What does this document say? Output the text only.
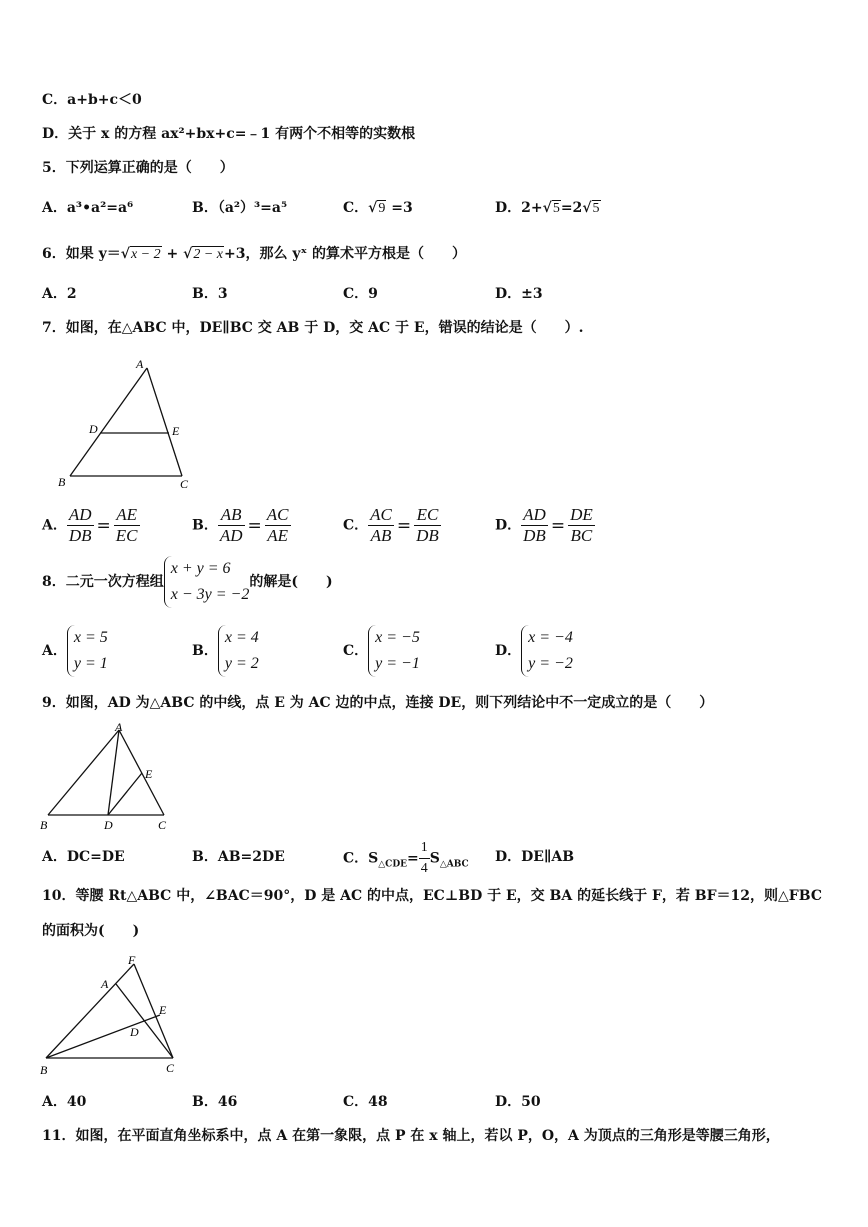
C．a+b+c＜0
D．关于 x 的方程 ax²+bx+c=﹣1 有两个不相等的实数根
5．下列运算正确的是（　　）
A．a³•a²=a⁶	B．（a²）³=a⁵	C．√9 =3	D．2+√5=2√5
6．如果 y＝√x − 2 + √2 − x+3，那么 yˣ 的算术平方根是（　　）
A．2	B．3	C．9	D．±3
7．如图，在△ABC 中，DE∥BC 交 AB 于 D，交 AC 于 E，错误的结论是（　　）.
A
B	C
D	E
A． $\frac{AD}{DB} = \frac{AE}{EC}$	B． $\frac{AB}{AD} = \frac{AC}{AE}$	C． $\frac{AC}{AB} = \frac{EC}{DB}$	D． $\frac{AD}{DB} = \frac{DE}{BC}$
8．二元一次方程组
x + y = 6
x − 3y = −2
的解是(　　)
A．
x = 5
y = 1
B．
x = 4
y = 2
C．
x = −5
y = −1
D．
x = −4
y = −2
9．如图，AD 为△ABC 的中线，点 E 为 AC 边的中点，连接 DE，则下列结论中不一定成立的是（　　）
A
B	C
D
E
A．DC=DE	B．AB=2DE	C．$S_{\triangle CDE}= \frac{1}{4} S_{\triangle ABC}$ D．DE∥AB
10．等腰 Rt△ABC 中，∠BAC＝90°，D 是 AC 的中点，EC⊥BD 于 E，交 BA 的延长线于 F，若 BF＝12，则△FBC
的面积为(　　)
F
A
E
D
B	C
A．40	B．46	C．48	D．50
11．如图，在平面直角坐标系中，点 A 在第一象限，点 P 在 x 轴上，若以 P，O，A 为顶点的三角形是等腰三角形，
